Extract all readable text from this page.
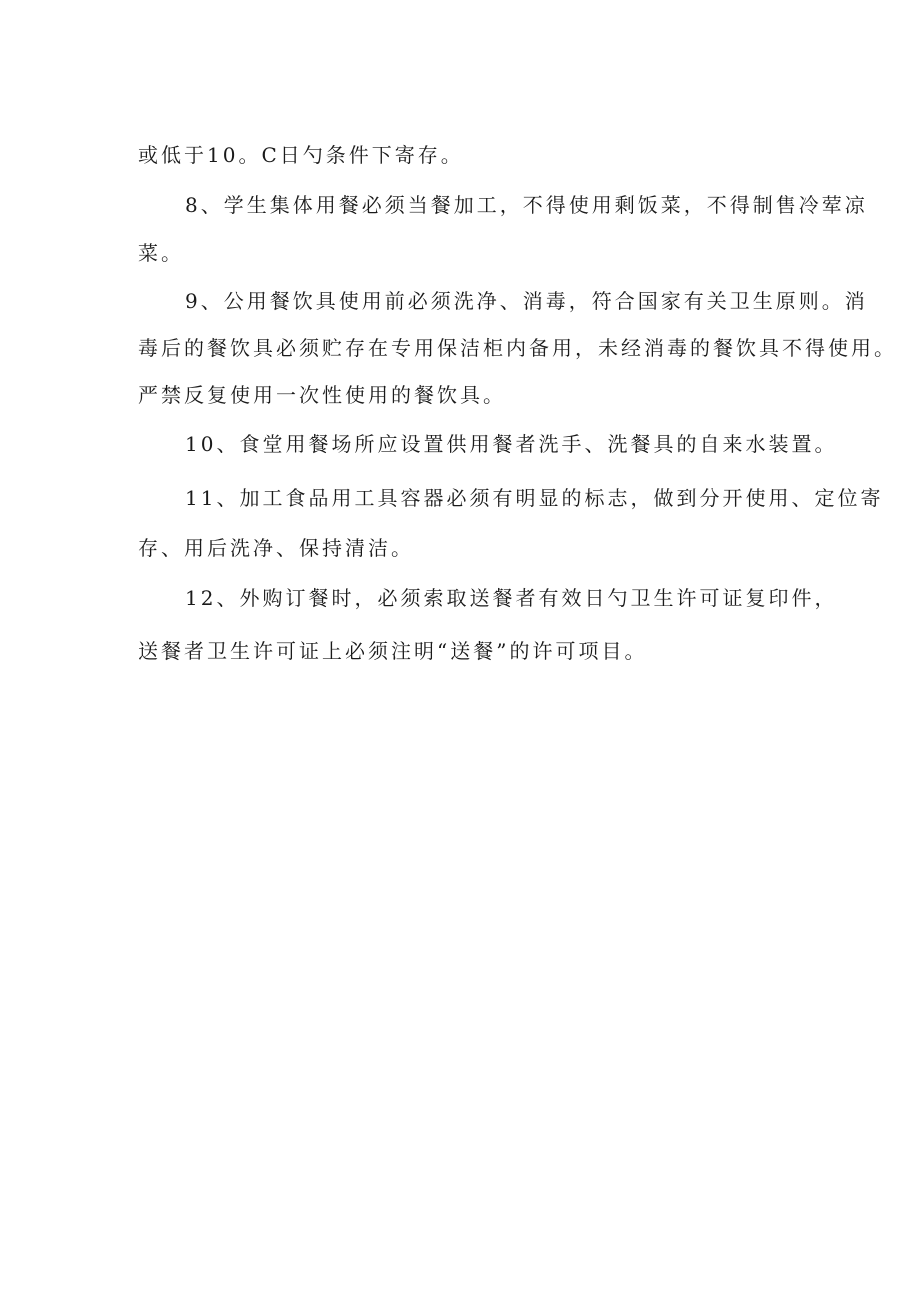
或低于10。C日勺条件下寄存。
8、学生集体用餐必须当餐加工，不得使用剩饭菜，不得制售冷荤凉
菜。
9、公用餐饮具使用前必须洗净、消毒，符合国家有关卫生原则。消
毒后的餐饮具必须贮存在专用保洁柜内备用，未经消毒的餐饮具不得使用。
严禁反复使用一次性使用的餐饮具。
10、食堂用餐场所应设置供用餐者洗手、洗餐具的自来水装置。
11、加工食品用工具容器必须有明显的标志，做到分开使用、定位寄
存、用后洗净、保持清洁。
12、外购订餐时，必须索取送餐者有效日勺卫生许可证复印件，
送餐者卫生许可证上必须注明“送餐”的许可项目。
